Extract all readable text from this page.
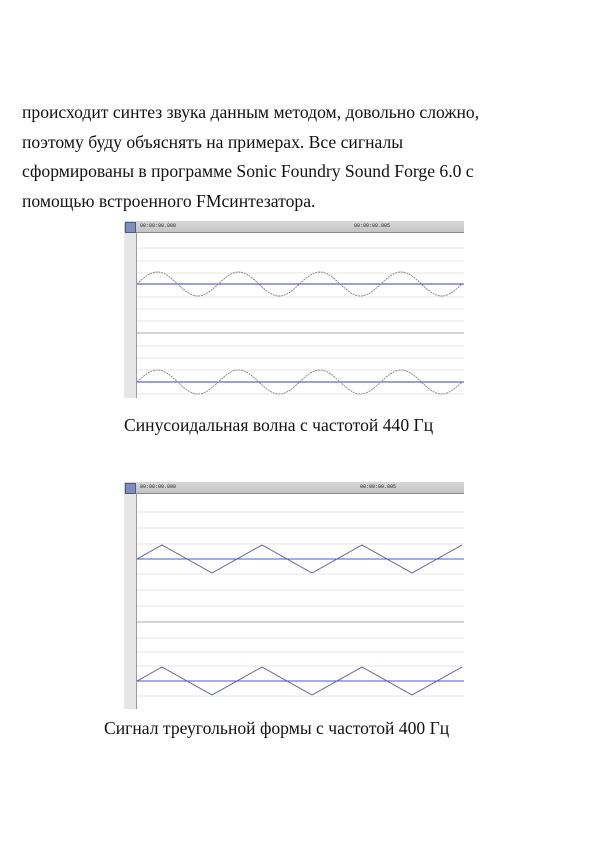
происходит синтез звука данным методом, довольно сложно,
поэтому буду объяснять на примерах. Все сигналы
сформированы в программе Sonic Foundry Sound Forge 6.0 с
помощью встроенного FMсинтезатора.

00:00:00.000	00:00:00.005
Синусоидальная волна с частотой 440 Гц
00:00:00.000	00:00:00.005
Сигнал треугольной формы с частотой 400 Гц
